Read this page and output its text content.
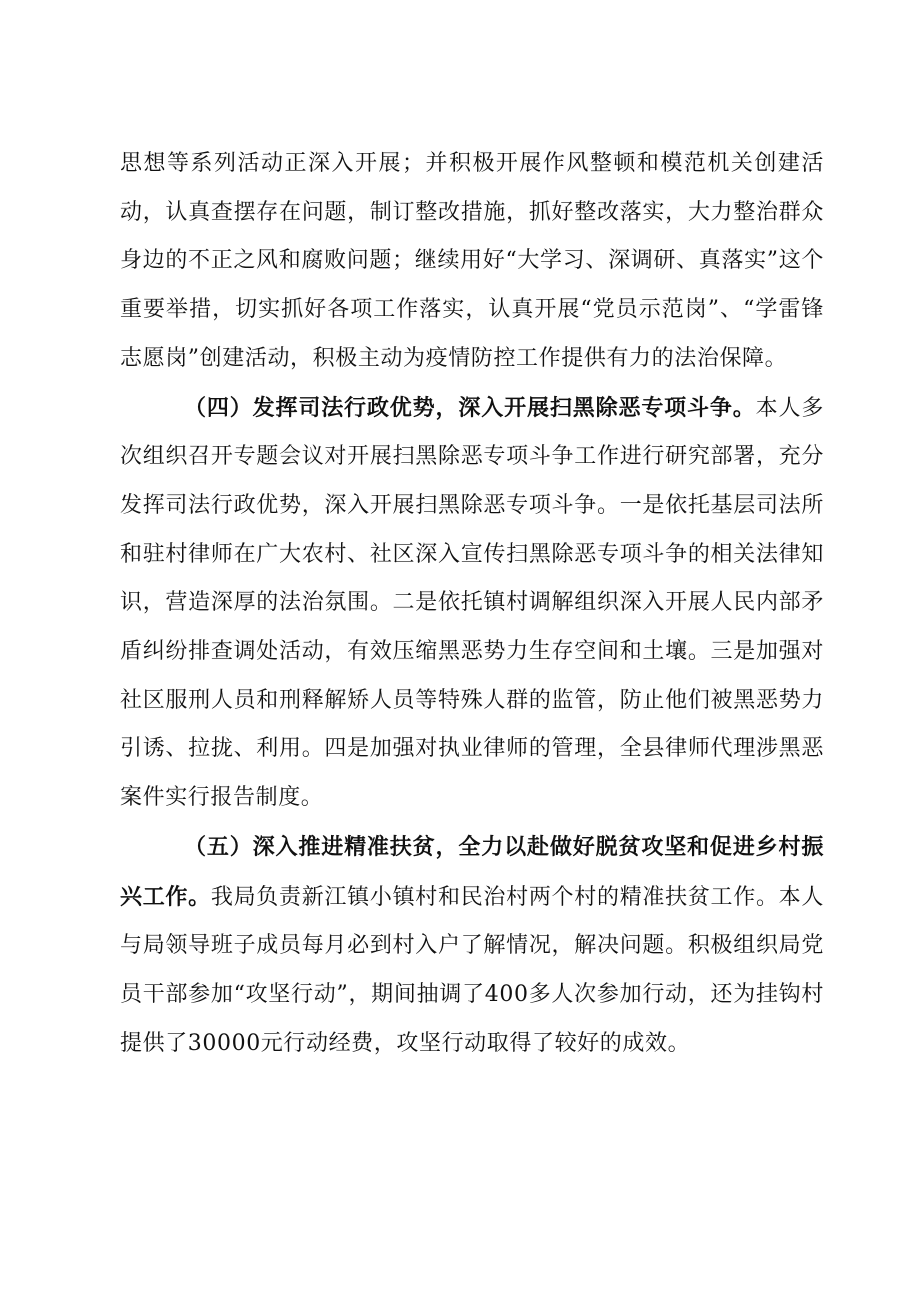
思想等系列活动正深入开展；并积极开展作风整顿和模范机关创建活动，认真查摆存在问题，制订整改措施，抓好整改落实，大力整治群众身边的不正之风和腐败问题；继续用好“大学习、深调研、真落实”这个重要举措，切实抓好各项工作落实，认真开展“党员示范岗”、“学雷锋志愿岗”创建活动，积极主动为疫情防控工作提供有力的法治保障。

（四）发挥司法行政优势，深入开展扫黑除恶专项斗争。本人多次组织召开专题会议对开展扫黑除恶专项斗争工作进行研究部署，充分发挥司法行政优势，深入开展扫黑除恶专项斗争。一是依托基层司法所和驻村律师在广大农村、社区深入宣传扫黑除恶专项斗争的相关法律知识，营造深厚的法治氛围。二是依托镇村调解组织深入开展人民内部矛盾纠纷排查调处活动，有效压缩黑恶势力生存空间和土壤。三是加强对社区服刑人员和刑释解矫人员等特殊人群的监管，防止他们被黑恶势力引诱、拉拢、利用。四是加强对执业律师的管理，全县律师代理涉黑恶案件实行报告制度。

（五）深入推进精准扶贫，全力以赴做好脱贫攻坚和促进乡村振兴工作。我局负责新江镇小镇村和民治村两个村的精准扶贫工作。本人与局领导班子成员每月必到村入户了解情况，解决问题。积极组织局党员干部参加“攻坚行动”，期间抽调了400多人次参加行动，还为挂钩村提供了30000元行动经费，攻坚行动取得了较好的成效。
